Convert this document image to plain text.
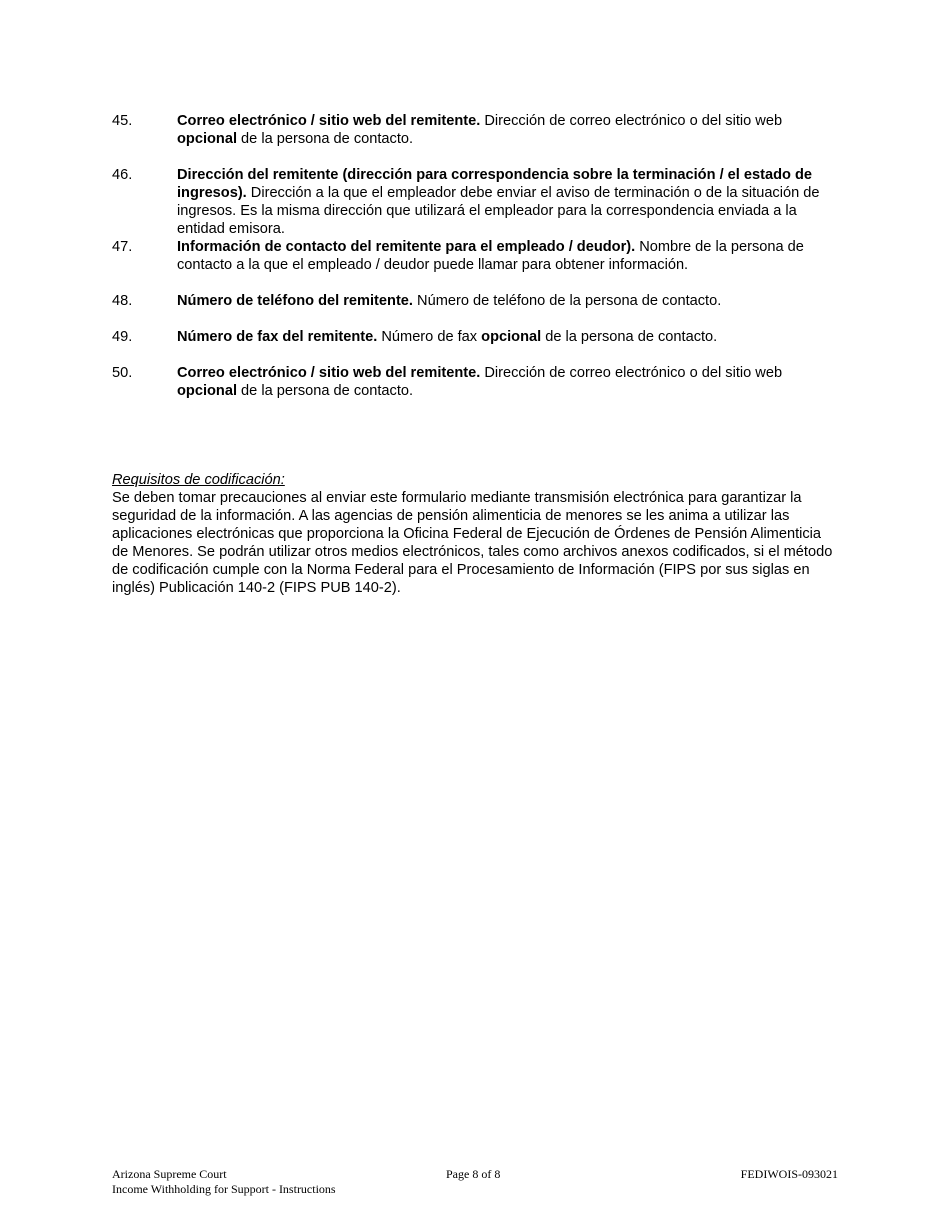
45.	Correo electrónico / sitio web del remitente. Dirección de correo electrónico o del sitio web opcional de la persona de contacto.
46.	Dirección del remitente (dirección para correspondencia sobre la terminación / el estado de ingresos). Dirección a la que el empleador debe enviar el aviso de terminación o de la situación de ingresos. Es la misma dirección que utilizará el empleador para la correspondencia enviada a la entidad emisora.
47.	Información de contacto del remitente para el empleado / deudor). Nombre de la persona de contacto a la que el empleado / deudor puede llamar para obtener información.
48.	Número de teléfono del remitente. Número de teléfono de la persona de contacto.
49.	Número de fax del remitente. Número de fax opcional de la persona de contacto.
50.	Correo electrónico / sitio web del remitente. Dirección de correo electrónico o del sitio web opcional de la persona de contacto.
Requisitos de codificación:
Se deben tomar precauciones al enviar este formulario mediante transmisión electrónica para garantizar la seguridad de la información. A las agencias de pensión alimenticia de menores se les anima a utilizar las aplicaciones electrónicas que proporciona la Oficina Federal de Ejecución de Órdenes de Pensión Alimenticia de Menores. Se podrán utilizar otros medios electrónicos, tales como archivos anexos codificados, si el método de codificación cumple con la Norma Federal para el Procesamiento de Información (FIPS por sus siglas en inglés) Publicación 140-2 (FIPS PUB 140-2).
Arizona Supreme Court
Income Withholding for Support - Instructions
Page 8 of 8	FEDIWOIS-093021
